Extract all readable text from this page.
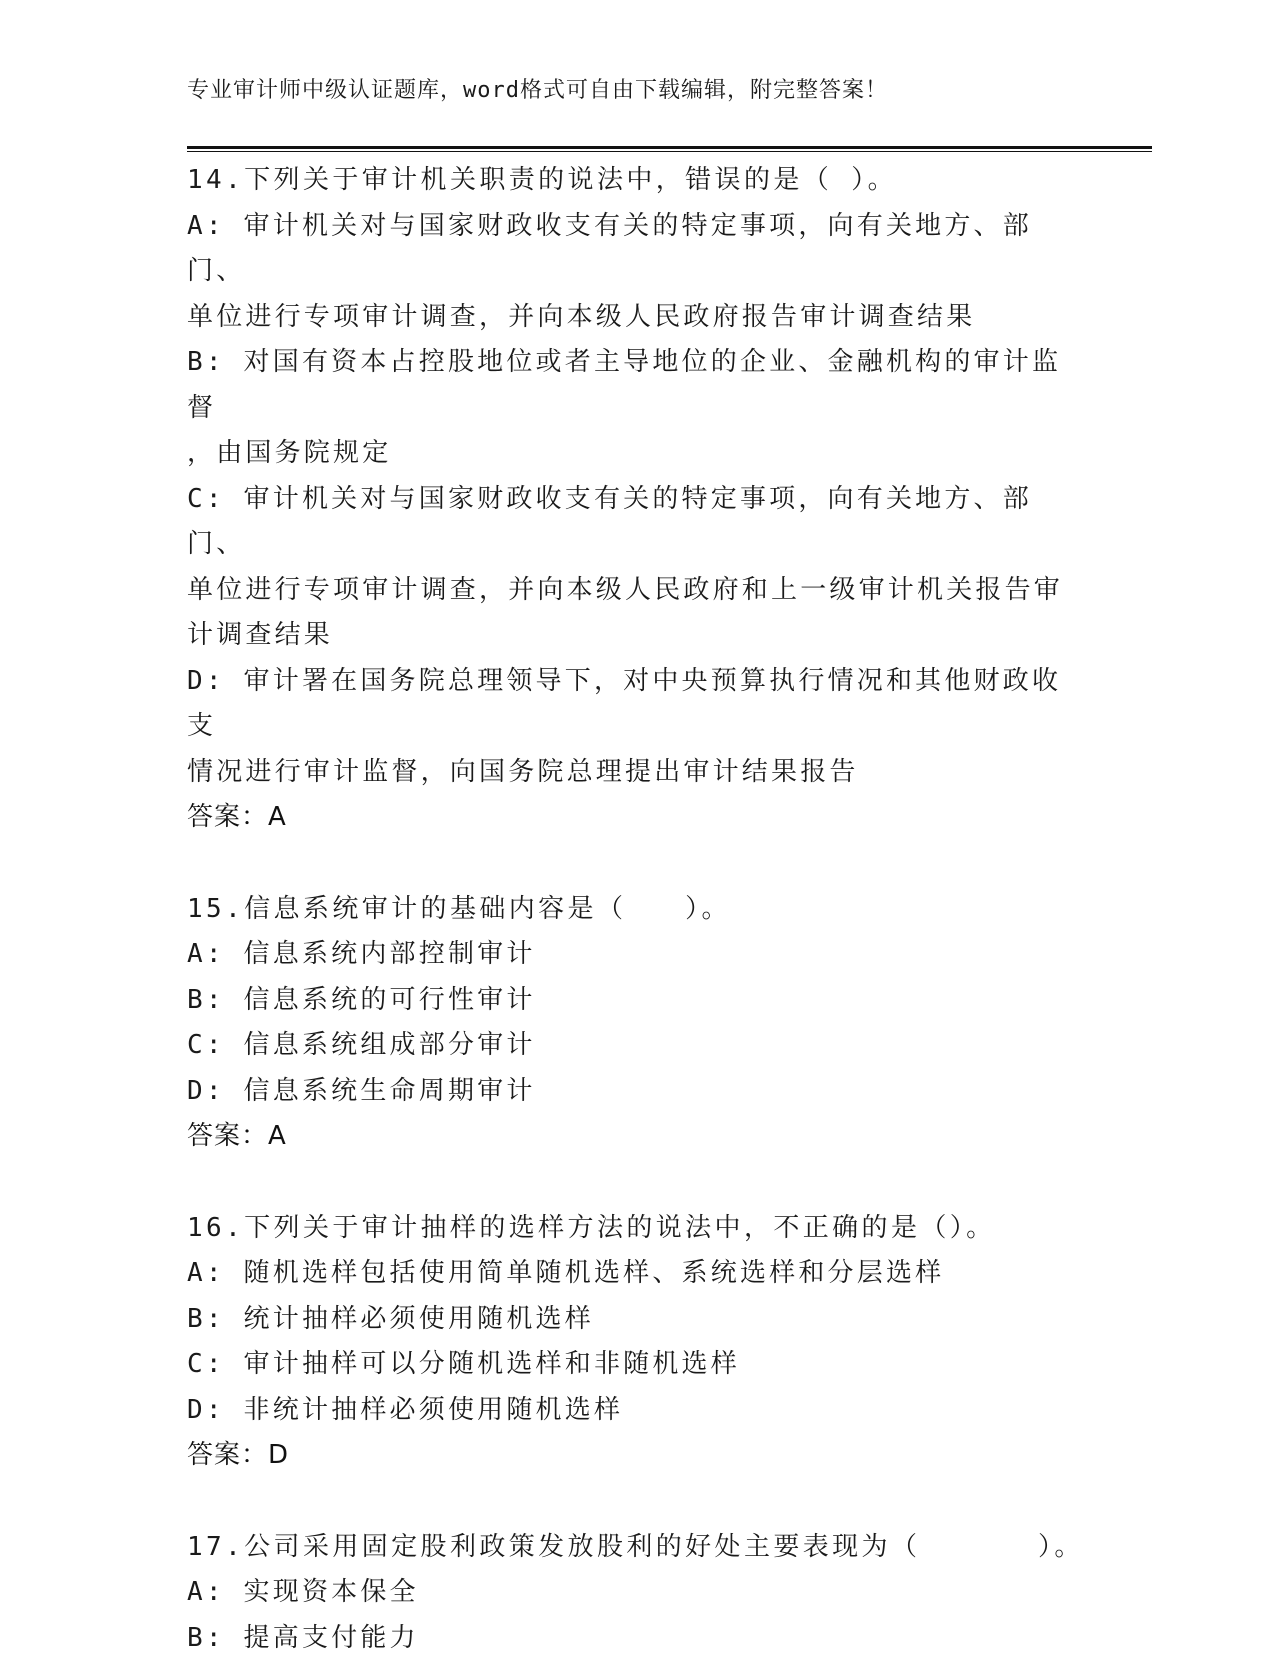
专业审计师中级认证题库，word格式可自由下载编辑，附完整答案！
14.下列关于审计机关职责的说法中，错误的是（ ）。
A: 审计机关对与国家财政收支有关的特定事项，向有关地方、部门、
单位进行专项审计调查，并向本级人民政府报告审计调查结果
B: 对国有资本占控股地位或者主导地位的企业、金融机构的审计监督
，由国务院规定
C: 审计机关对与国家财政收支有关的特定事项，向有关地方、部门、
单位进行专项审计调查，并向本级人民政府和上一级审计机关报告审
计调查结果
D: 审计署在国务院总理领导下，对中央预算执行情况和其他财政收支
情况进行审计监督，向国务院总理提出审计结果报告
答案：A
15.信息系统审计的基础内容是（　　）。
A: 信息系统内部控制审计
B: 信息系统的可行性审计
C: 信息系统组成部分审计
D: 信息系统生命周期审计
答案：A
16.下列关于审计抽样的选样方法的说法中，不正确的是（）。
A: 随机选样包括使用简单随机选样、系统选样和分层选样
B: 统计抽样必须使用随机选样
C: 审计抽样可以分随机选样和非随机选样
D: 非统计抽样必须使用随机选样
答案：D
17.公司采用固定股利政策发放股利的好处主要表现为（　　　　）。
A: 实现资本保全
B: 提高支付能力
